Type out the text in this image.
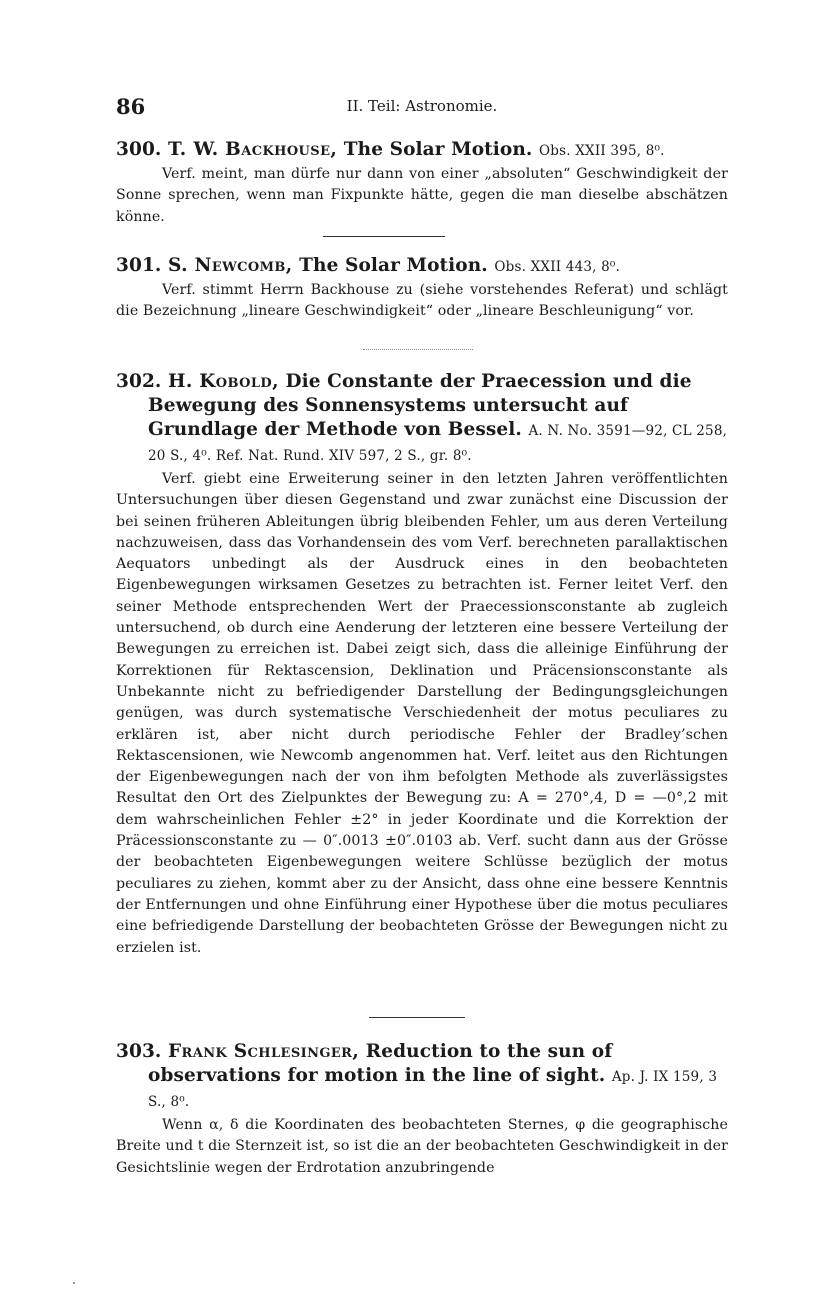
86	II. Teil: Astronomie.
300. T. W. Backhouse, The Solar Motion. Obs. XXII 395, 8⁰.

Verf. meint, man dürfe nur dann von einer „absoluten“ Geschwindigkeit der Sonne sprechen, wenn man Fixpunkte hätte, gegen die man dieselbe abschätzen könne.

301. S. Newcomb, The Solar Motion. Obs. XXII 443, 8⁰.

Verf. stimmt Herrn Backhouse zu (siehe vorstehendes Referat) und schlägt die Bezeichnung „lineare Geschwindigkeit“ oder „lineare Beschleunigung“ vor.

302. H. Kobold, Die Constante der Praecession und die Bewegung des Sonnensystems untersucht auf Grundlage der Methode von Bessel. A. N. No. 3591—92, CL 258, 20 S., 4⁰. Ref. Nat. Rund. XIV 597, 2 S., gr. 8⁰.

Verf. giebt eine Erweiterung seiner in den letzten Jahren veröffentlichten Untersuchungen über diesen Gegenstand und zwar zunächst eine Discussion der bei seinen früheren Ableitungen übrig bleibenden Fehler, um aus deren Verteilung nachzuweisen, dass das Vorhandensein des vom Verf. berechneten parallaktischen Aequators unbedingt als der Ausdruck eines in den beobachteten Eigenbewegungen wirksamen Gesetzes zu betrachten ist. Ferner leitet Verf. den seiner Methode entsprechenden Wert der Praecessionsconstante ab zugleich untersuchend, ob durch eine Aenderung der letzteren eine bessere Verteilung der Bewegungen zu erreichen ist. Dabei zeigt sich, dass die alleinige Einführung der Korrektionen für Rektascension, Deklination und Präcensionsconstante als Unbekannte nicht zu befriedigender Darstellung der Bedingungsgleichungen genügen, was durch systematische Verschiedenheit der motus peculiares zu erklären ist, aber nicht durch periodische Fehler der Bradley’schen Rektascensionen, wie Newcomb angenommen hat. Verf. leitet aus den Richtungen der Eigenbewegungen nach der von ihm befolgten Methode als zuverlässigstes Resultat den Ort des Zielpunktes der Bewegung zu: A = 270°,4, D = —0°,2 mit dem wahrscheinlichen Fehler ±2° in jeder Koordinate und die Korrektion der Präcessionsconstante zu — 0″.0013 ±0″.0103 ab. Verf. sucht dann aus der Grösse der beobachteten Eigenbewegungen weitere Schlüsse bezüglich der motus peculiares zu ziehen, kommt aber zu der Ansicht, dass ohne eine bessere Kenntnis der Entfernungen und ohne Einführung einer Hypothese über die motus peculiares eine befriedigende Darstellung der beobachteten Grösse der Bewegungen nicht zu erzielen ist.

303. Frank Schlesinger, Reduction to the sun of observations for motion in the line of sight. Ap. J. IX 159, 3 S., 8⁰.

Wenn α, δ die Koordinaten des beobachteten Sternes, φ die geographische Breite und t die Sternzeit ist, so ist die an der beobachteten Geschwindigkeit in der Gesichtslinie wegen der Erdrotation anzubringende
